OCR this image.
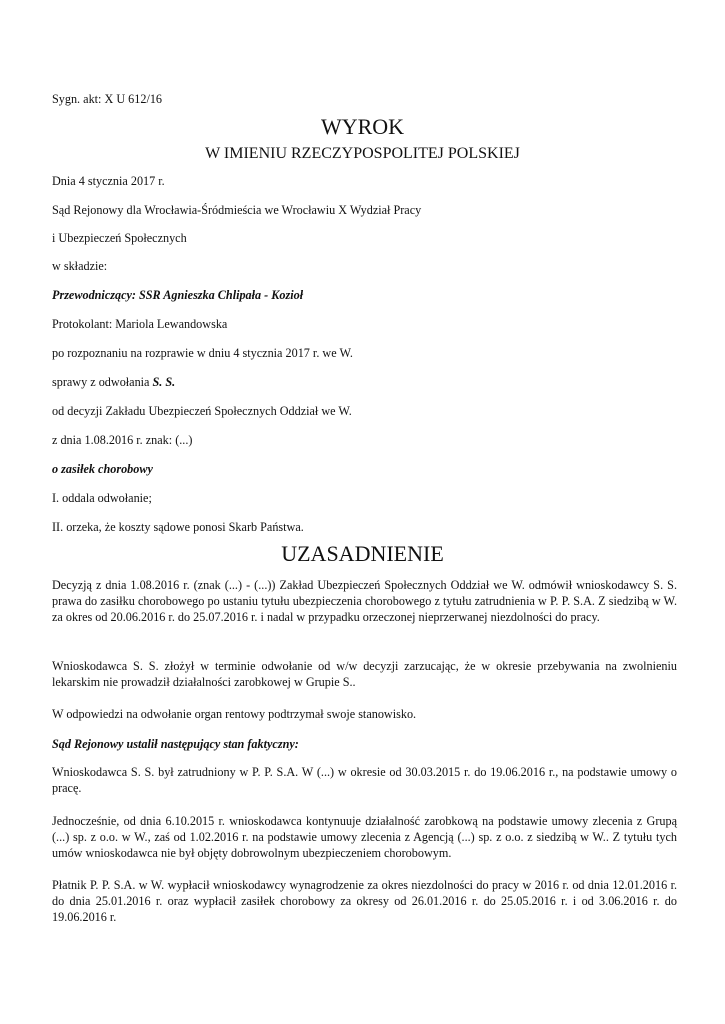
Sygn. akt: X U 612/16
WYROK
W IMIENIU RZECZYPOSPOLITEJ POLSKIEJ
Dnia 4 stycznia 2017 r.
Sąd Rejonowy dla Wrocławia-Śródmieścia we Wrocławiu X Wydział Pracy
i Ubezpieczeń Społecznych
w składzie:
Przewodniczący: SSR Agnieszka Chlipała - Kozioł
Protokolant: Mariola Lewandowska
po rozpoznaniu na rozprawie w dniu 4 stycznia 2017 r. we W.
sprawy z odwołania S. S.
od decyzji Zakładu Ubezpieczeń Społecznych Oddział we W.
z dnia 1.08.2016 r. znak: (...)
o zasiłek chorobowy
I. oddala odwołanie;
II. orzeka, że koszty sądowe ponosi Skarb Państwa.
UZASADNIENIE
Decyzją z dnia 1.08.2016 r. (znak (...) - (...)) Zakład Ubezpieczeń Społecznych Oddział we W. odmówił wnioskodawcy S. S. prawa do zasiłku chorobowego po ustaniu tytułu ubezpieczenia chorobowego z tytułu zatrudnienia w P. P. S.A. Z siedzibą w W. za okres od 20.06.2016 r. do 25.07.2016 r. i nadal w przypadku orzeczonej nieprzerwanej niezdolności do pracy.
Wnioskodawca S. S. złożył w terminie odwołanie od w/w decyzji zarzucając, że w okresie przebywania na zwolnieniu lekarskim nie prowadził działalności zarobkowej w Grupie S..
W odpowiedzi na odwołanie organ rentowy podtrzymał swoje stanowisko.
Sąd Rejonowy ustalił następujący stan faktyczny:
Wnioskodawca S. S. był zatrudniony w P. P. S.A. W (...) w okresie od 30.03.2015 r. do 19.06.2016 r., na podstawie umowy o pracę.
Jednocześnie, od dnia 6.10.2015 r. wnioskodawca kontynuuje działalność zarobkową na podstawie umowy zlecenia z Grupą (...) sp. z o.o. w W., zaś od 1.02.2016 r. na podstawie umowy zlecenia z Agencją (...) sp. z o.o. z siedzibą w W.. Z tytułu tych umów wnioskodawca nie był objęty dobrowolnym ubezpieczeniem chorobowym.
Płatnik P. P. S.A. w W. wypłacił wnioskodawcy wynagrodzenie za okres niezdolności do pracy w 2016 r. od dnia 12.01.2016 r. do dnia 25.01.2016 r. oraz wypłacił zasiłek chorobowy za okresy od 26.01.2016 r. do 25.05.2016 r. i od 3.06.2016 r. do 19.06.2016 r.
